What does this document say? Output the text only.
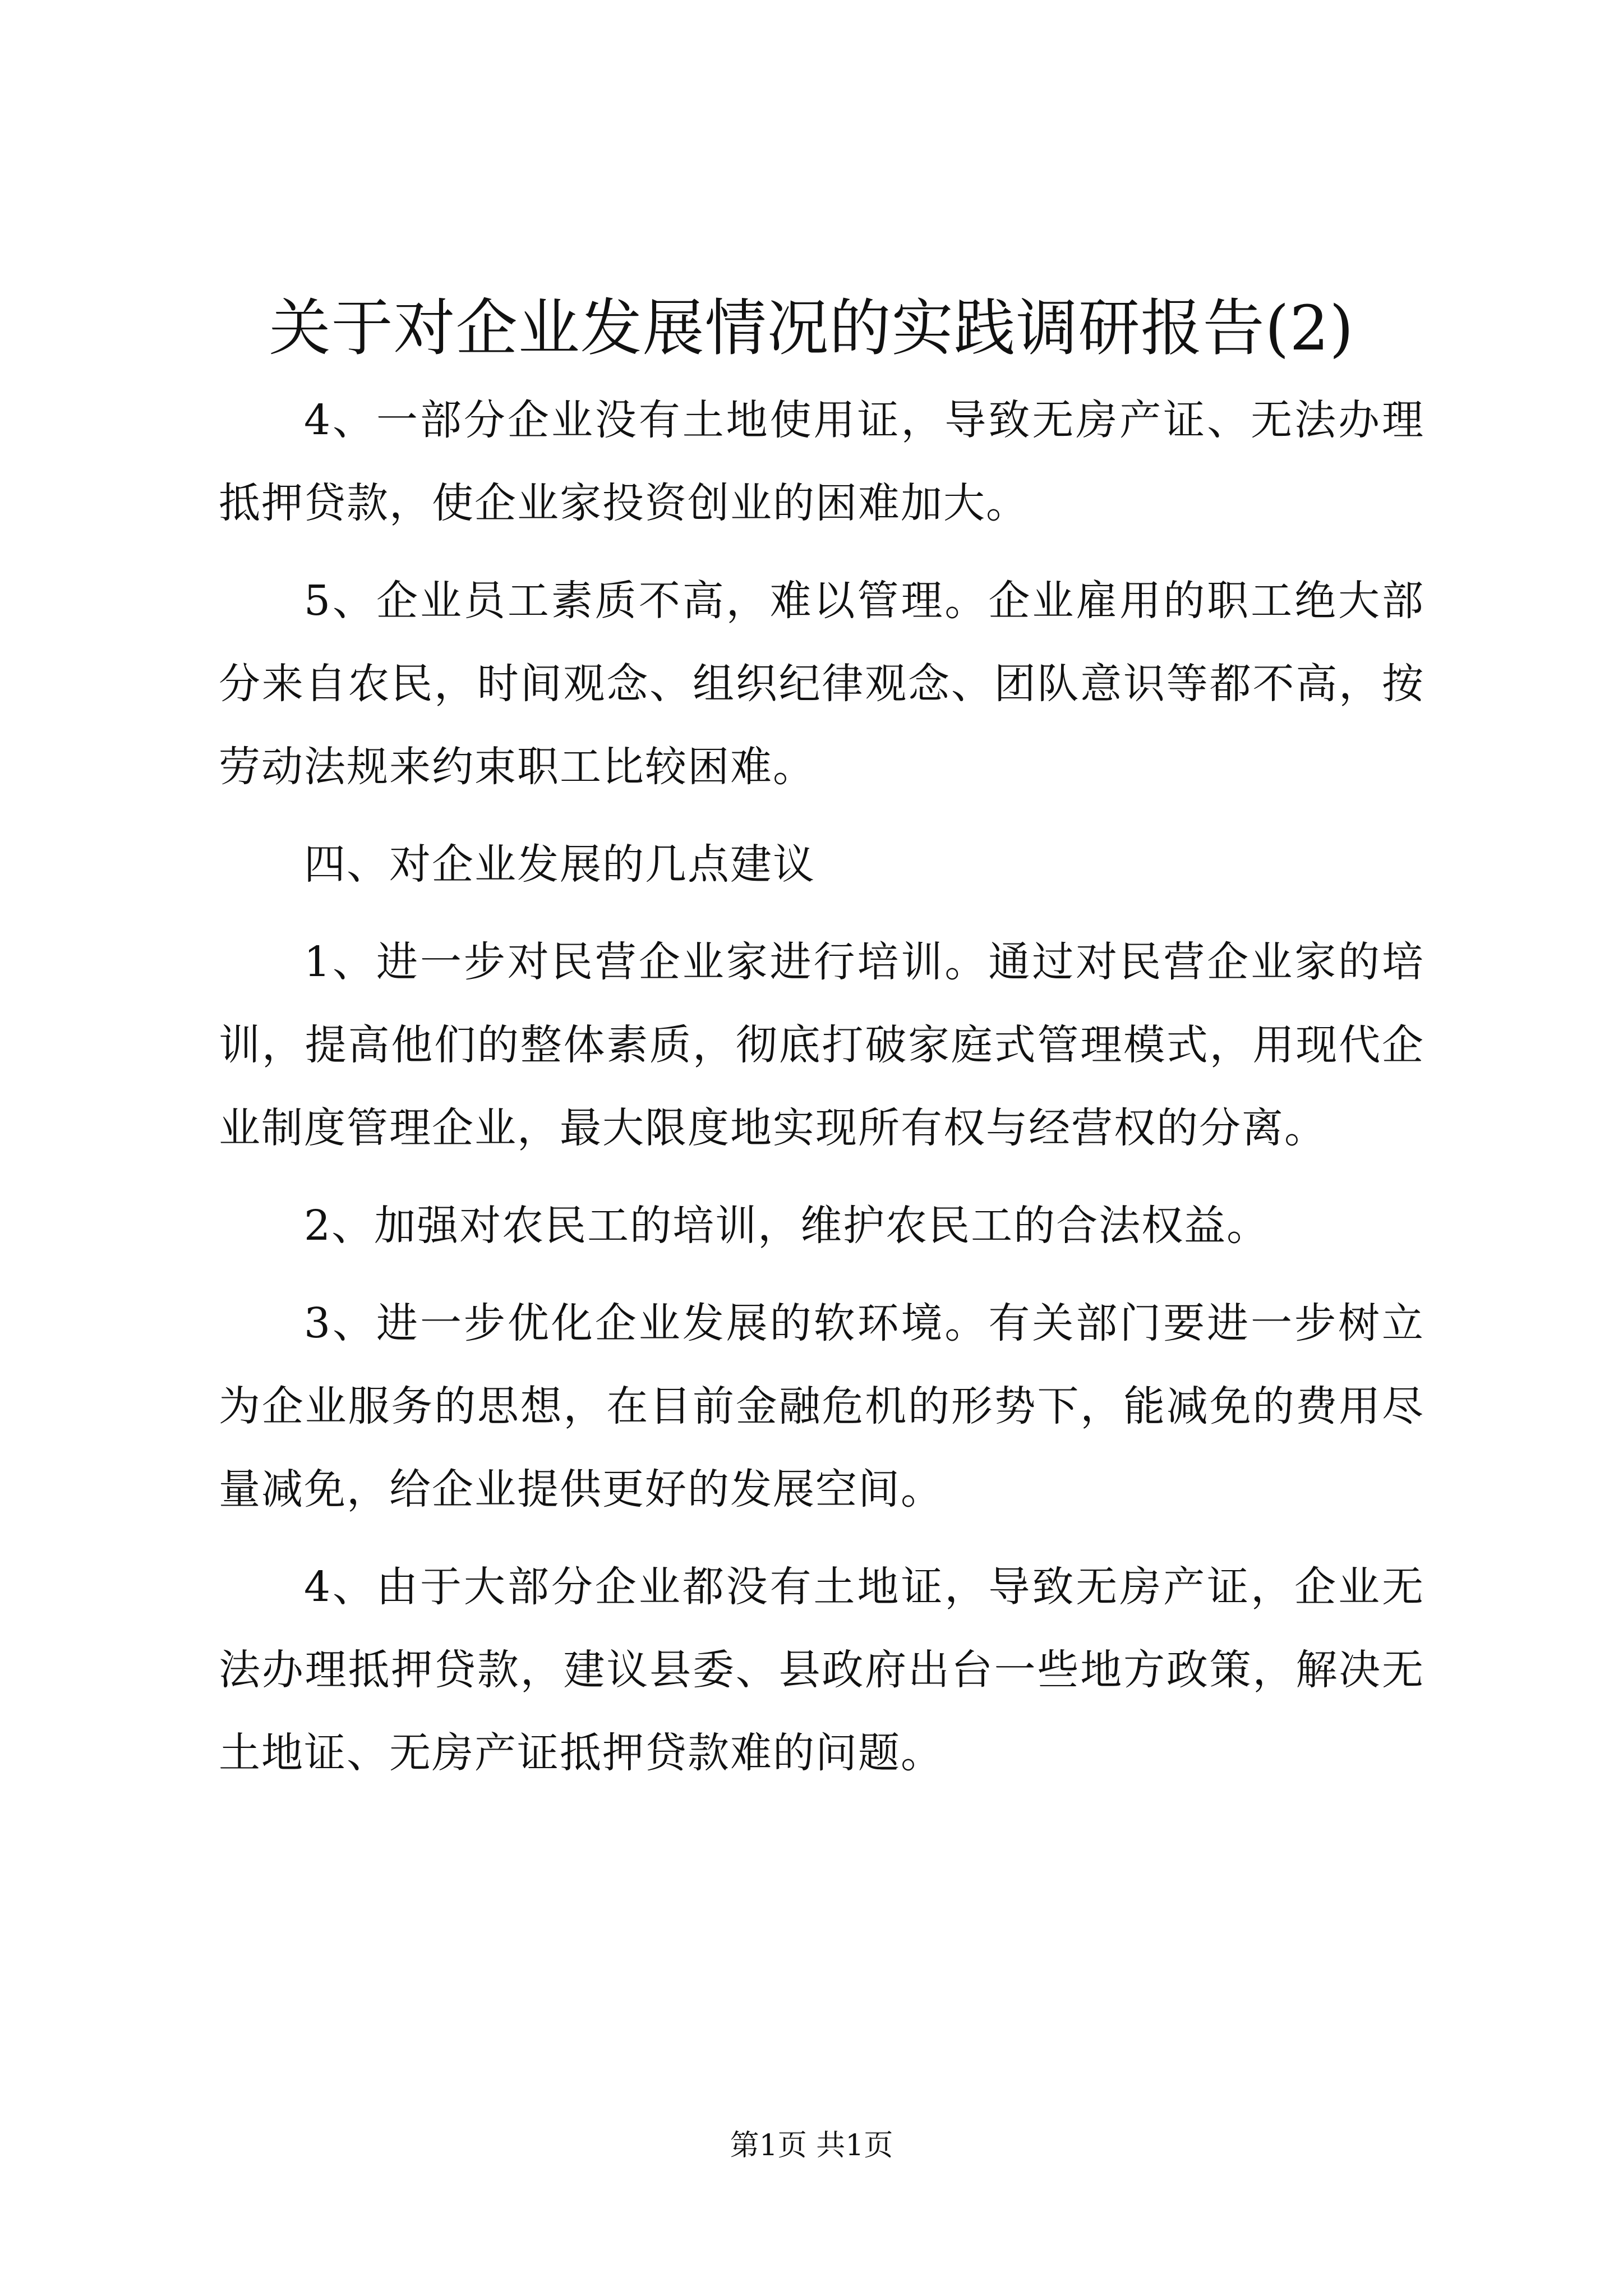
关于对企业发展情况的实践调研报告(2)

4、一部分企业没有土地使用证，导致无房产证、无法办理抵押贷款，使企业家投资创业的困难加大。

5、企业员工素质不高，难以管理。企业雇用的职工绝大部分来自农民，时间观念、组织纪律观念、团队意识等都不高，按劳动法规来约束职工比较困难。

四、对企业发展的几点建议

1、进一步对民营企业家进行培训。通过对民营企业家的培训，提高他们的整体素质，彻底打破家庭式管理模式，用现代企业制度管理企业，最大限度地实现所有权与经营权的分离。

2、加强对农民工的培训，维护农民工的合法权益。

3、进一步优化企业发展的软环境。有关部门要进一步树立为企业服务的思想，在目前金融危机的形势下，能减免的费用尽量减免，给企业提供更好的发展空间。

4、由于大部分企业都没有土地证，导致无房产证，企业无法办理抵押贷款，建议县委、县政府出台一些地方政策，解决无土地证、无房产证抵押贷款难的问题。

第1页 共1页
